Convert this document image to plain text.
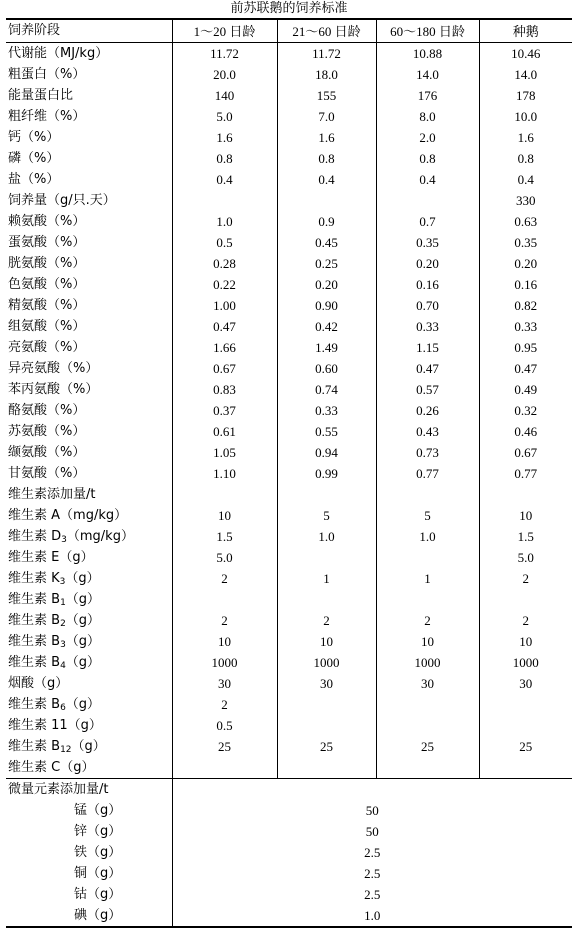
前苏联鹅的饲养标准
饲养阶段	1～20 日龄	21～60 日龄	60～180 日龄	种鹅
代谢能（MJ/kg）	11.72	11.72	10.88	10.46
粗蛋白（%）	20.0	18.0	14.0	14.0
能量蛋白比	140	155	176	178
粗纤维（%）	5.0	7.0	8.0	10.0
钙（%）	1.6	1.6	2.0	1.6
磷（%）	0.8	0.8	0.8	0.8
盐（%）	0.4	0.4	0.4	0.4
饲养量（g/只.天）				330
赖氨酸（%）	1.0	0.9	0.7	0.63
蛋氨酸（%）	0.5	0.45	0.35	0.35
胱氨酸（%）	0.28	0.25	0.20	0.20
色氨酸（%）	0.22	0.20	0.16	0.16
精氨酸（%）	1.00	0.90	0.70	0.82
组氨酸（%）	0.47	0.42	0.33	0.33
亮氨酸（%）	1.66	1.49	1.15	0.95
异亮氨酸（%）	0.67	0.60	0.47	0.47
苯丙氨酸（%）	0.83	0.74	0.57	0.49
酪氨酸（%）	0.37	0.33	0.26	0.32
苏氨酸（%）	0.61	0.55	0.43	0.46
缬氨酸（%）	1.05	0.94	0.73	0.67
甘氨酸（%）	1.10	0.99	0.77	0.77
维生素添加量/t				
维生素 A（mg/kg）	10	5	5	10
维生素 $D_3(mg/kg)$	1.5	1.0	1.0	1.5
维生素 E（g）	5.0			5.0
维生素 $K_3(g)$	2	1	1	2
维生素 $B_1(g)$				
维生素 $B_2(g)$	2	2	2	2
维生素 $B_3(g)$	10	10	10	10
维生素 $B_4(g)$	1000	1000	1000	1000
烟酸（g）	30	30	30	30
维生素 $B_6(g)$	2			
维生素 11（g）	0.5			
维生素 $B_{12}(g)$	25	25	25	25
维生素 C（g）				
微量元素添加量/t				
锰（g）	50			
锌（g）	50			
铁（g）	2.5			
铜（g）	2.5			
钴（g）	2.5			
碘（g）	1.0			
